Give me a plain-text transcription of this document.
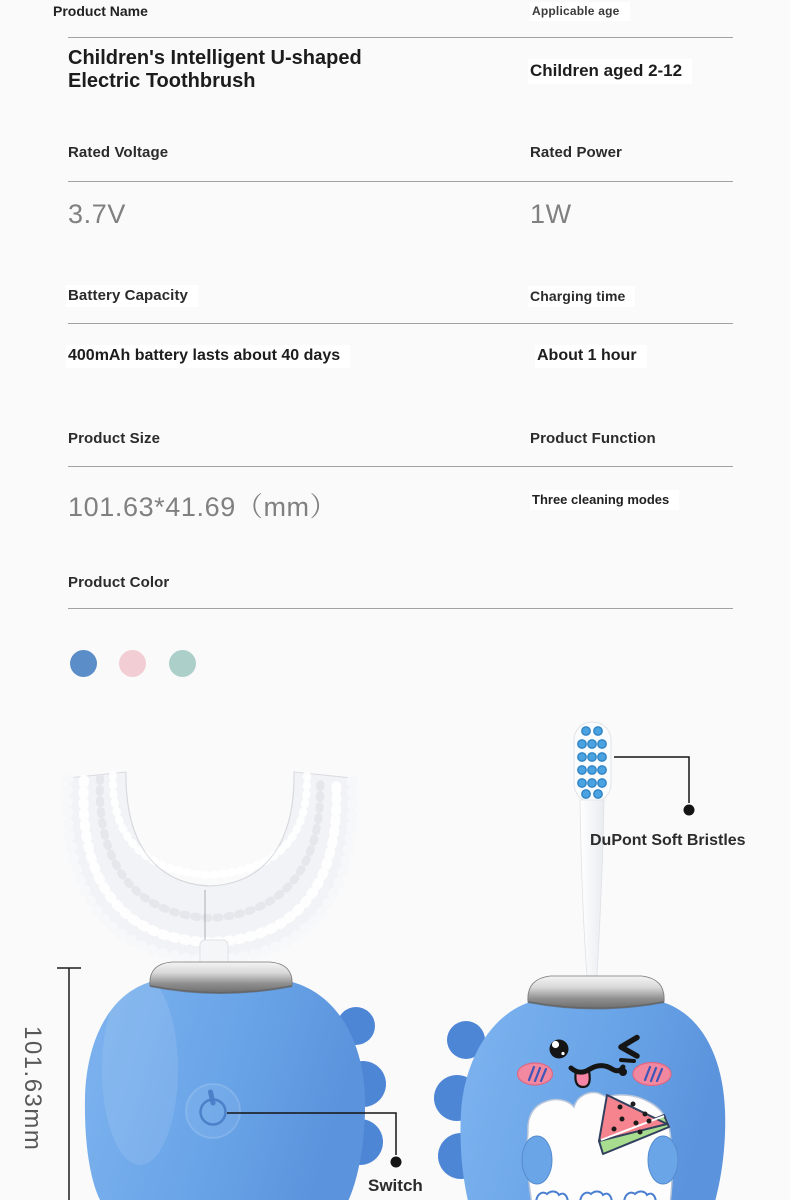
Product Name	Applicable age
Children's Intelligent U-shaped Electric Toothbrush	Children aged 2-12
Rated Voltage	Rated Power
3.7V	1W
Battery Capacity	Charging time
400mAh battery lasts about 40 days	About 1 hour
Product Size	Product Function
101.63*41.69（mm）	Three cleaning modes
Product Color

DuPont Soft Bristles
Switch
101.63mm
